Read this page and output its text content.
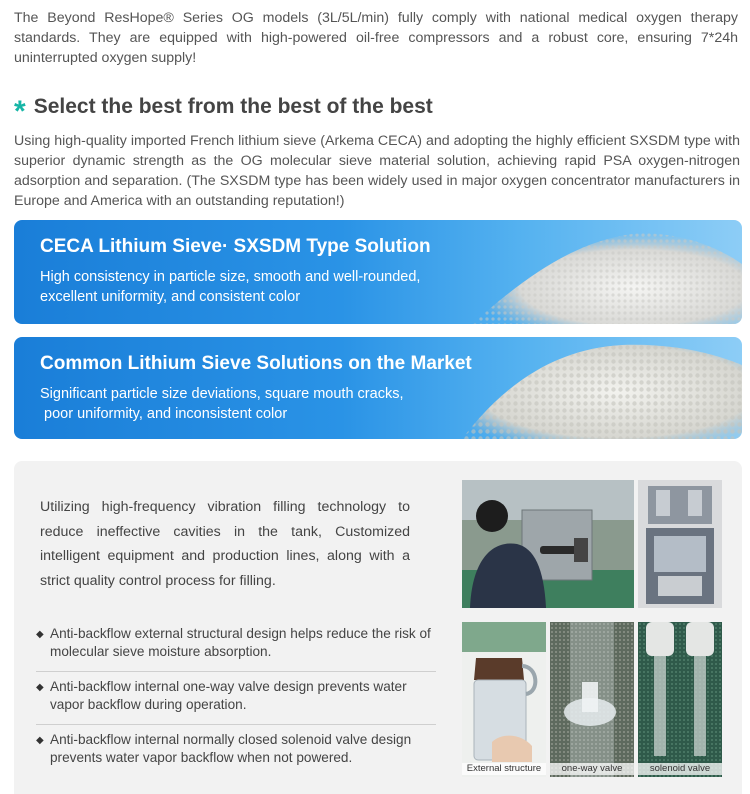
The Beyond ResHope® Series OG models (3L/5L/min) fully comply with national medical oxygen therapy standards. They are equipped with high-powered oil-free compressors and a robust core, ensuring 7*24h uninterrupted oxygen supply!
* Select the best from the best of the best
Using high-quality imported French lithium sieve (Arkema CECA) and adopting the highly efficient SXSDM type with superior dynamic strength as the OG molecular sieve material solution, achieving rapid PSA oxygen-nitrogen adsorption and separation. (The SXSDM type has been widely used in major oxygen concentrator manufacturers in Europe and America with an outstanding reputation!)
CECA Lithium Sieve· SXSDM Type Solution
High consistency in particle size, smooth and well-rounded,
excellent uniformity, and consistent color
Common Lithium Sieve Solutions on the Market
Significant particle size deviations, square mouth cracks,
poor uniformity, and inconsistent color
Utilizing high-frequency vibration filling technology to reduce ineffective cavities in the tank, Customized intelligent equipment and production lines, along with a strict quality control process for filling.
◆ Anti-backflow external structural design helps reduce the risk of molecular sieve moisture absorption.
◆ Anti-backflow internal one-way valve design prevents water vapor backflow during operation.
◆ Anti-backflow internal normally closed solenoid valve design prevents water vapor backflow when not powered.
External structure	one-way valve	solenoid valve
